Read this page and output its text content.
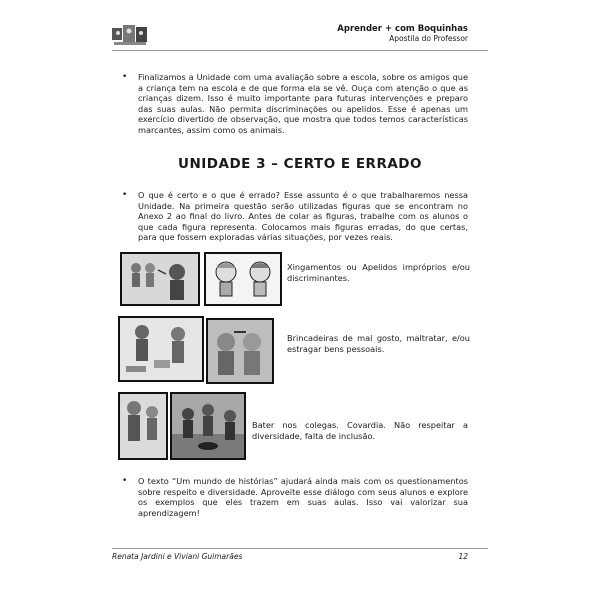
Aprender + com Boquinhas
Apostila do Professor
• Finalizamos a Unidade com uma avaliação sobre a escola, sobre os amigos que a criança tem na escola e de que forma ela se vê. Ouça com atenção o que as crianças dizem. Isso é muito importante para futuras intervenções e preparo das suas aulas. Não permita discriminações ou apelidos. Esse é apenas um exercício divertido de observação, que mostra que todos temos características marcantes, assim como os animais.
UNIDADE 3 – CERTO E ERRADO
• O que é certo e o que é errado? Esse assunto é o que trabalharemos nessa Unidade. Na primeira questão serão utilizadas figuras que se encontram no Anexo 2 ao final do livro. Antes de colar as figuras, trabalhe com os alunos o que cada figura representa. Colocamos mais figuras erradas, do que certas, para que fossem exploradas várias situações, por vezes reais.
Xingamentos ou Apelidos impróprios e/ou discriminantes.
Brincadeiras de mal gosto, maltratar, e/ou estragar bens pessoais.
Bater nos colegas. Covardia. Não respeitar a diversidade, falta de inclusão.
• O texto “Um mundo de histórias” ajudará ainda mais com os questionamentos sobre respeito e diversidade. Aproveite esse diálogo com seus alunos e explore os exemplos que eles trazem em suas aulas. Isso vai valorizar sua aprendizagem!
Renata Jardini e Viviani Guimarães	12
